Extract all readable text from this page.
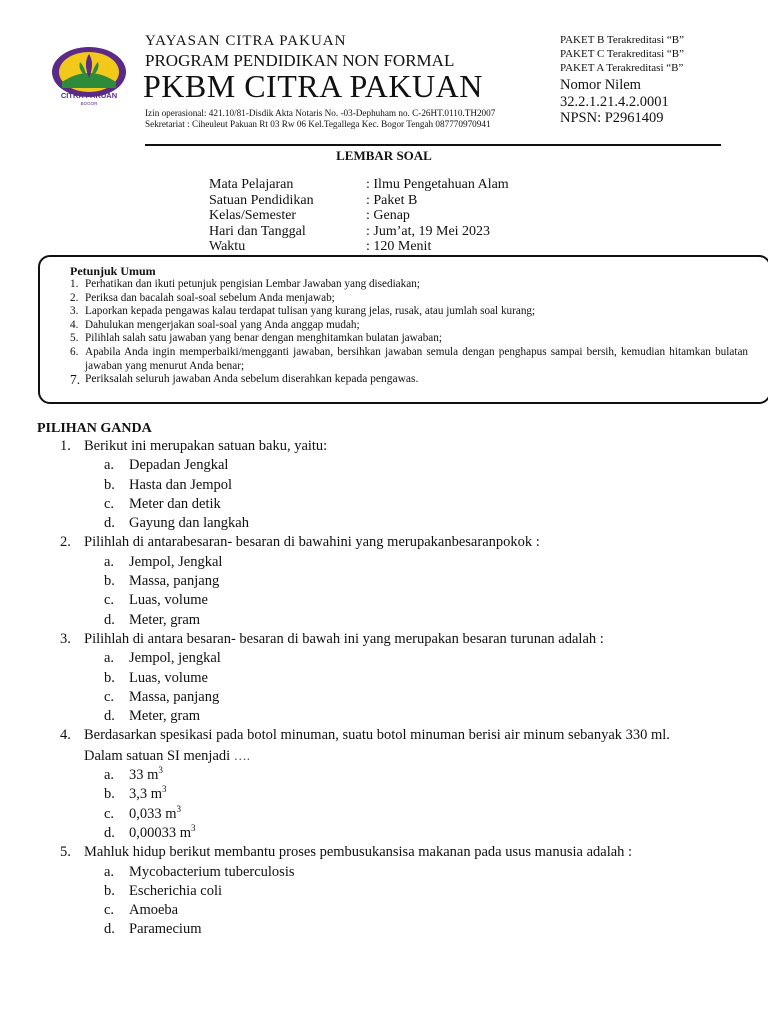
CITRA PAKUAN
BOGOR
YAYASAN CITRA PAKUAN
PROGRAM PENDIDIKAN NON FORMAL
PKBM CITRA PAKUAN
Izin operasional: 421.10/81-Disdik Akta Notaris No. -03-Dephuham no. C-26HT.0110.TH2007
Sekretariat : Ciheuleut Pakuan Rt 03 Rw 06 Kel.Tegallega Kec. Bogor Tengah 087770970941
PAKET B Terakreditasi “B”
PAKET C Terakreditasi “B”
PAKET A Terakreditasi “B”
Nomor Nilem
32.2.1.21.4.2.0001
NPSN: P2961409
LEMBAR SOAL
Mata Pelajaran	: Ilmu Pengetahuan Alam
Satuan Pendidikan	: Paket B
Kelas/Semester	: Genap
Hari dan Tanggal	: Jum’at, 19 Mei 2023
Waktu	: 120 Menit
Petunjuk Umum
1. Perhatikan dan ikuti petunjuk pengisian Lembar Jawaban yang disediakan;
2. Periksa dan bacalah soal-soal sebelum Anda menjawab;
3. Laporkan kepada pengawas kalau terdapat tulisan yang kurang jelas, rusak, atau jumlah soal kurang;
4. Dahulukan mengerjakan soal-soal yang Anda anggap mudah;
5. Pilihlah salah satu jawaban yang benar dengan menghitamkan bulatan jawaban;
6. Apabila Anda ingin memperbaiki/mengganti jawaban, bersihkan jawaban semula dengan penghapus sampai bersih, kemudian hitamkan bulatan jawaban yang menurut Anda benar;
7. Periksalah seluruh jawaban Anda sebelum diserahkan kepada pengawas.
PILIHAN GANDA
1. Berikut ini merupakan satuan baku, yaitu:
a.	Depadan Jengkal
b. Hasta dan Jempol
c.	Meter dan detik
d. Gayung dan langkah
2. Pilihlah di antarabesaran- besaran di bawahini yang merupakanbesaranpokok :
a.	Jempol, Jengkal
b. Massa, panjang
c.	Luas, volume
d. Meter, gram
3. Pilihlah di antara besaran- besaran di bawah ini yang merupakan besaran turunan adalah :
a.	Jempol, jengkal
b. Luas, volume
c.	Massa, panjang
d. Meter, gram
4. Berdasarkan spesikasi pada botol minuman, suatu botol minuman berisi air minum sebanyak 330 ml.
Dalam satuan SI menjadi ….
a.	33 $m^3$
b. 3,3 $m^3$
c.	0,033 $m^3$
d. 0,00033 $m^3$
5. Mahluk hidup berikut membantu proses pembusukansisa makanan pada usus manusia adalah :
a.	Mycobacterium tuberculosis
b. Escherichia coli
c.	Amoeba
d. Paramecium
